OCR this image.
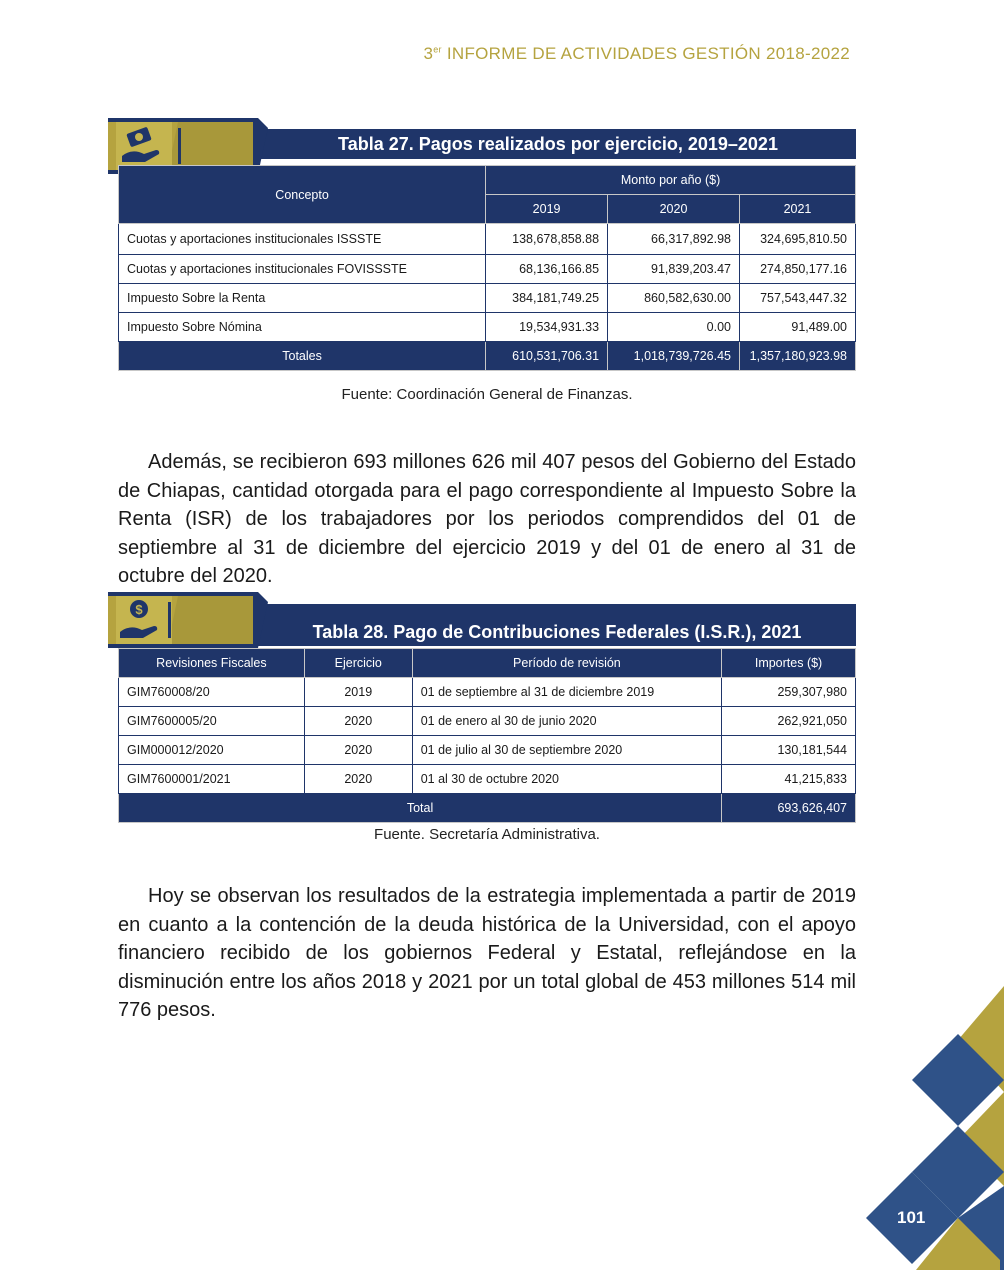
3er INFORME DE ACTIVIDADES GESTIÓN 2018-2022
Tabla 27. Pagos realizados por ejercicio, 2019–2021
Concepto	Monto por año ($)		
	2019	2020	2021
Cuotas y aportaciones institucionales ISSSTE	138,678,858.88	66,317,892.98	324,695,810.50
Cuotas y aportaciones institucionales FOVISSSTE	68,136,166.85	91,839,203.47	274,850,177.16
Impuesto Sobre la Renta	384,181,749.25	860,582,630.00	757,543,447.32
Impuesto Sobre Nómina	19,534,931.33	0.00	91,489.00
Totales	610,531,706.31	1,018,739,726.45	1,357,180,923.98
Fuente: Coordinación General de Finanzas.
Además, se recibieron 693 millones 626 mil 407 pesos del Gobierno del Estado de Chiapas, cantidad otorgada para el pago correspondiente al Impuesto Sobre la Renta (ISR) de los trabajadores por los periodos comprendidos del 01 de septiembre al 31 de diciembre del ejercicio 2019 y del 01 de enero al 31 de octubre del 2020.
Tabla 28. Pago de Contribuciones Federales (I.S.R.), 2021
$
Revisiones Fiscales	Ejercicio	Período de revisión	Importes ($)
GIM760008/20	2019	01 de septiembre al 31 de diciembre 2019	259,307,980
GIM7600005/20	2020	01 de enero al 30 de junio 2020	262,921,050
GIM000012/2020	2020	01 de julio al 30 de septiembre 2020	130,181,544
GIM7600001/2021	2020	01 al 30 de octubre 2020	41,215,833
Total			693,626,407
Fuente. Secretaría Administrativa.
Hoy se observan los resultados de la estrategia implementada a partir de 2019 en cuanto a la contención de la deuda histórica de la Universidad, con el apoyo financiero recibido de los gobiernos Federal y Estatal, reflejándose en la disminución entre los años 2018 y 2021 por un total global de 453 millones 514 mil 776 pesos.
101
